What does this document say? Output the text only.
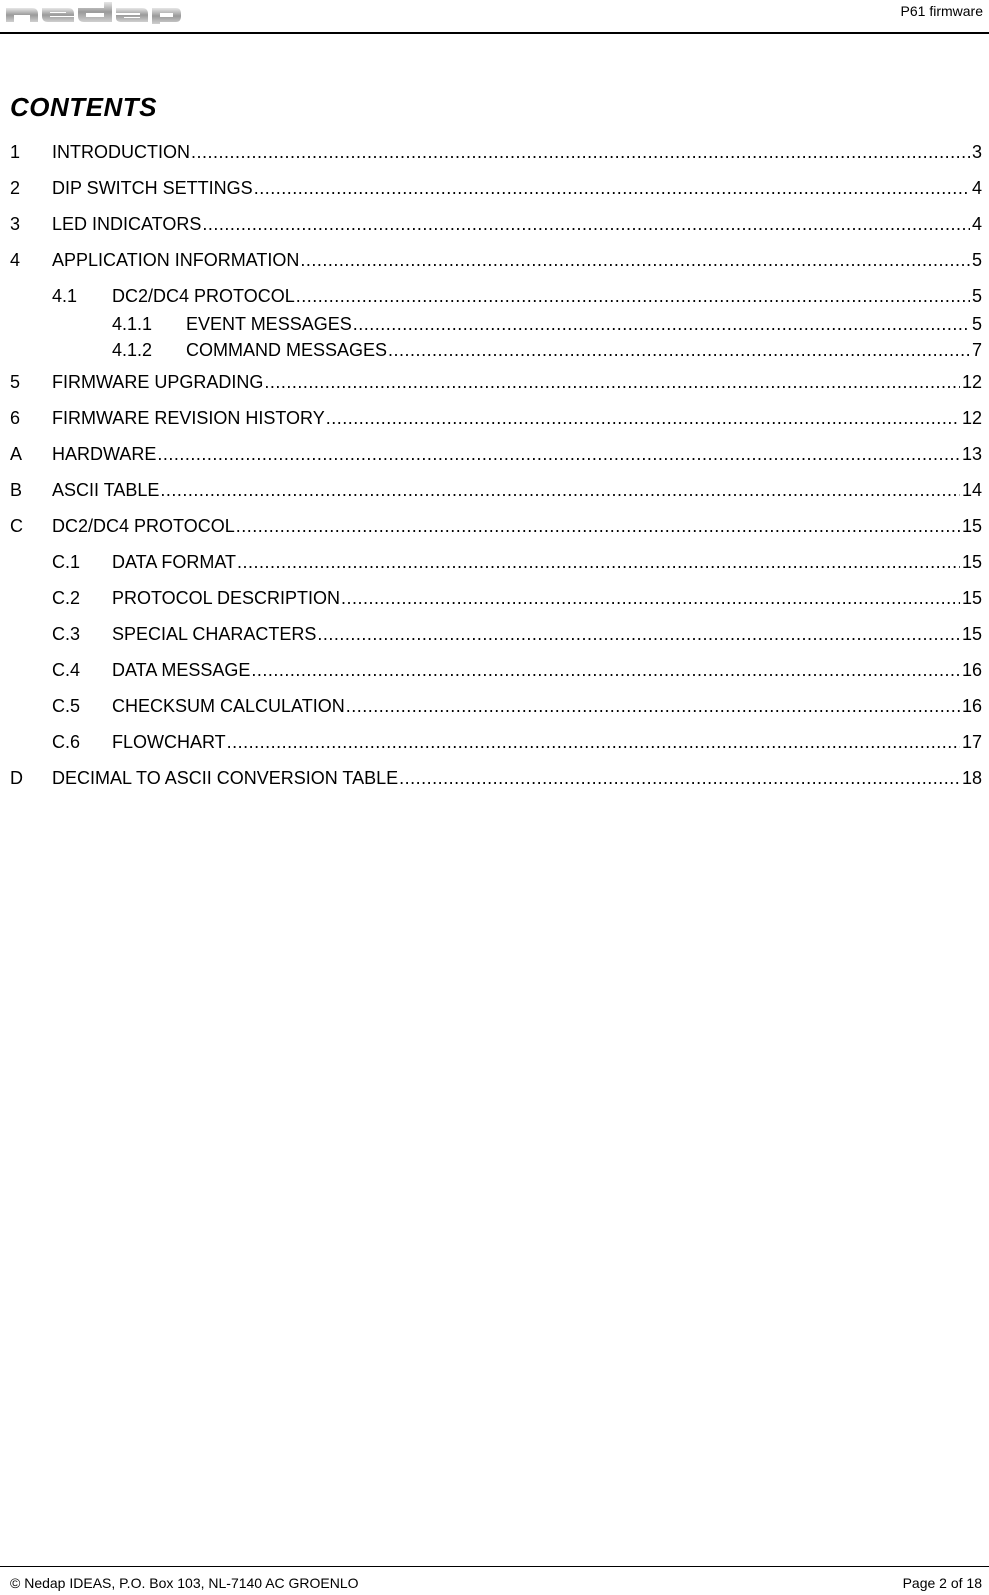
P61 firmware
CONTENTS
1 INTRODUCTION .....	3
2 DIP SWITCH SETTINGS .....	4
3 LED INDICATORS .....	4
4 APPLICATION INFORMATION .....	5
4.1 DC2/DC4 PROTOCOL .....	5
4.1.1 EVENT MESSAGES .....	5
4.1.2 COMMAND MESSAGES .....	7
5 FIRMWARE UPGRADING .....	12
6 FIRMWARE REVISION HISTORY .....	12
A HARDWARE .....	13
B ASCII TABLE .....	14
C DC2/DC4 PROTOCOL .....	15
C.1 DATA FORMAT .....	15
C.2 PROTOCOL DESCRIPTION .....	15
C.3 SPECIAL CHARACTERS .....	15
C.4 DATA MESSAGE .....	16
C.5 CHECKSUM CALCULATION .....	16
C.6 FLOWCHART .....	17
D DECIMAL TO ASCII CONVERSION TABLE .....	18
© Nedap IDEAS, P.O. Box 103, NL-7140 AC GROENLO	Page 2 of 18
